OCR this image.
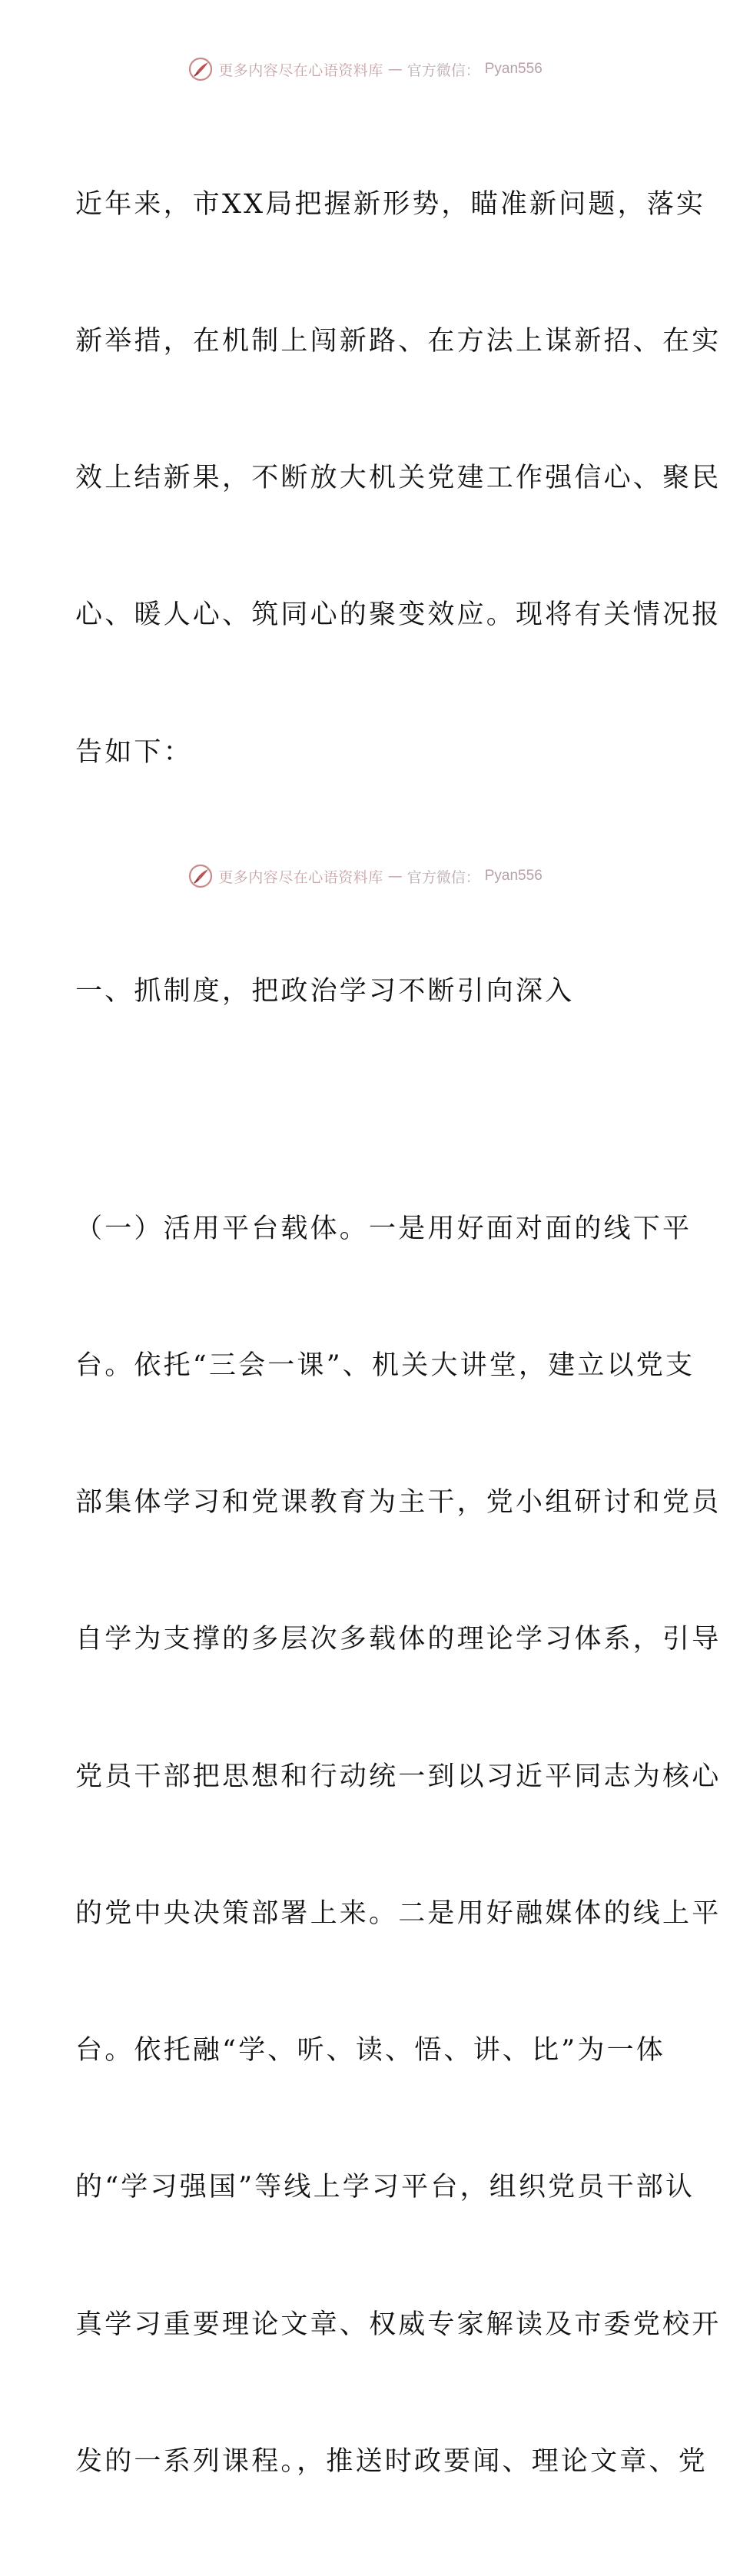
更多内容尽在心语资料库 — 官方微信： Pyan556

近年来，市XX局把握新形势，瞄准新问题，落实

新举措，在机制上闯新路、在方法上谋新招、在实

效上结新果，不断放大机关党建工作强信心、聚民

心、暖人心、筑同心的聚变效应。现将有关情况报

告如下：

一、抓制度，把政治学习不断引向深入

（一）活用平台载体。一是用好面对面的线下平

台。依托“三会一课”、机关大讲堂，建立以党支

部集体学习和党课教育为主干，党小组研讨和党员

自学为支撑的多层次多载体的理论学习体系，引导

党员干部把思想和行动统一到以习近平同志为核心

的党中央决策部署上来。二是用好融媒体的线上平

台。依托融“学、听、读、悟、讲、比”为一体

的“学习强国”等线上学习平台，组织党员干部认

真学习重要理论文章、权威专家解读及市委党校开

发的一系列课程。，推送时政要闻、理论文章、党

更多内容尽在心语资料库 — 官方微信： Pyan556
